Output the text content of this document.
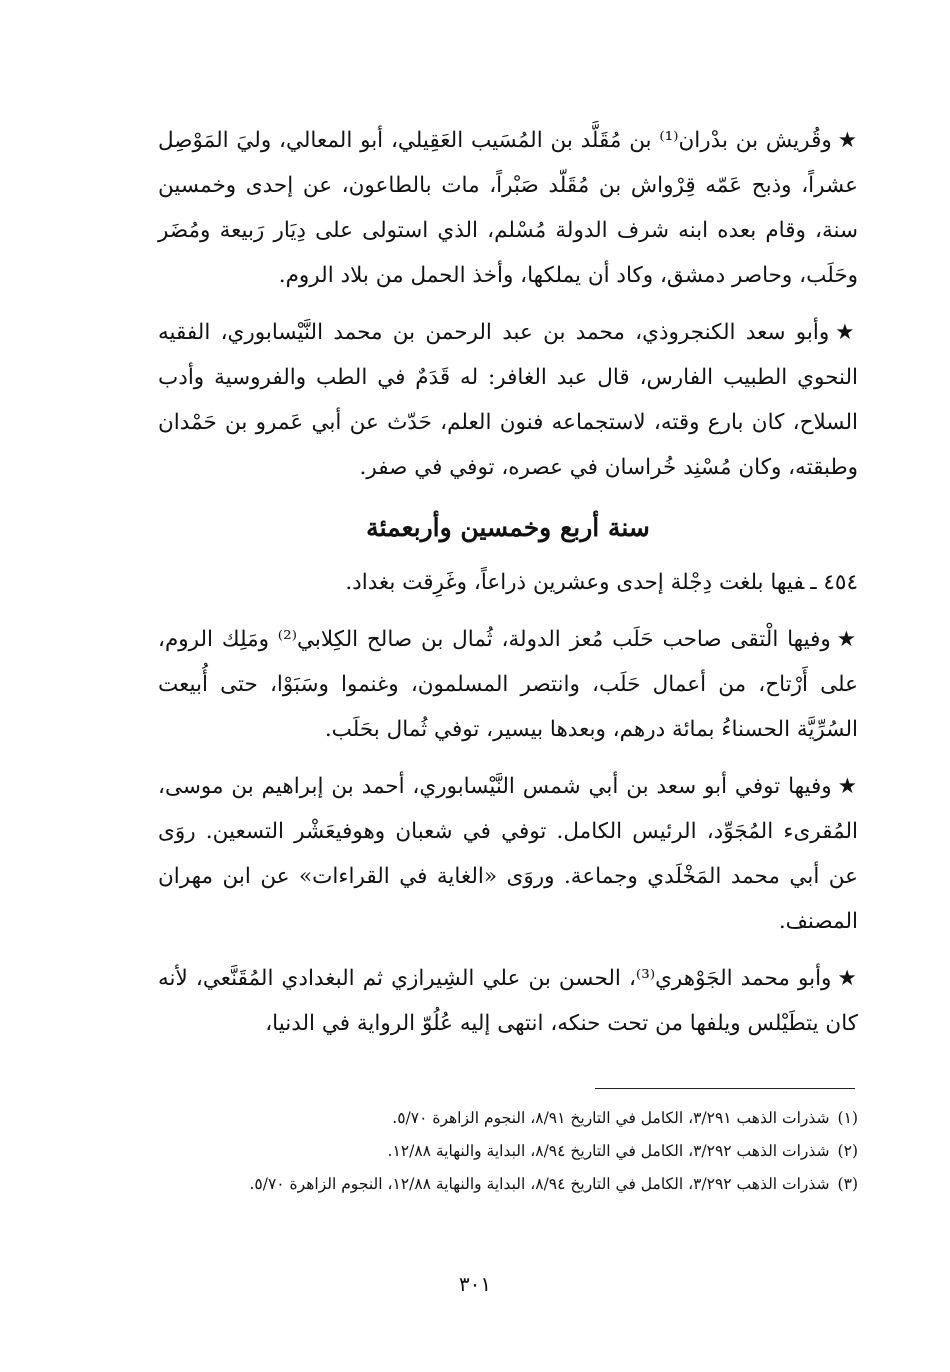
★وقُريش بن بدْران⁽¹⁾ بن مُقَلَّد بن المُسَيب العَقِيلي، أبو المعالي، وليَ المَوْصِل عشراً، وذبح عَمّه قِرْواش بن مُقَلّد صَبْراً، مات بالطاعون، عن إحدى وخمسين سنة، وقام بعده ابنه شرف الدولة مُسْلم، الذي استولى على دِيَار رَبيعة ومُضَر وحَلَب، وحاصر دمشق، وكاد أن يملكها، وأخذ الحمل من بلاد الروم.

★وأبو سعد الكنجروذي، محمد بن عبد الرحمن بن محمد النَّيْسابوري، الفقيه النحوي الطبيب الفارس، قال عبد الغافر: له قَدَمٌ في الطب والفروسية وأدب السلاح، كان بارع وقته، لاستجماعه فنون العلم، حَدّث عن أبي عَمرو بن حَمْدان وطبقته، وكان مُسْنِد خُراسان في عصره، توفي في صفر.

سنة أربع وخمسين وأربعمئة

٤٥٤ ـفيها بلغت دِجْلة إحدى وعشرين ذراعاً، وغَرِقت بغداد.

★وفيها الْتقى صاحب حَلَب مُعز الدولة، ثُمال بن صالح الكِلابي⁽²⁾ ومَلِك الروم، على أَرْتاح، من أعمال حَلَب، وانتصر المسلمون، وغنموا وسَبَوْا، حتى أُبيعت السُرِّيَّة الحسناءُ بمائة درهم، وبعدها بيسير، توفي ثُمال بحَلَب.

★وفيها توفي أبو سعد بن أبي شمس النَّيْسابوري، أحمد بن إبراهيم بن موسى، المُقرىء المُجَوِّد، الرئيس الكامل. توفي في شعبان وهوفيعَشْر التسعين. روَى عن أبي محمد المَخْلَدي وجماعة. وروَى «الغاية في القراءات» عن ابن مهران المصنف.

★وأبو محمد الجَوْهري⁽³⁾، الحسن بن علي الشِيرازي ثم البغدادي المُقَنَّعي، لأنه كان يتطَيْلس ويلفها من تحت حنكه، انتهى إليه عُلُوّ الرواية في الدنيا،

(١)شذرات الذهب ٣/٢٩١، الكامل في التاريخ ٨/٩١، النجوم الزاهرة ٥/٧٠.

(٢)شذرات الذهب ٣/٢٩٢، الكامل في التاريخ ٨/٩٤، البداية والنهاية ١٢/٨٨.

(٣)شذرات الذهب ٣/٢٩٢، الكامل في التاريخ ٨/٩٤، البداية والنهاية ١٢/٨٨، النجوم الزاهرة ٥/٧٠.

٣٠١
